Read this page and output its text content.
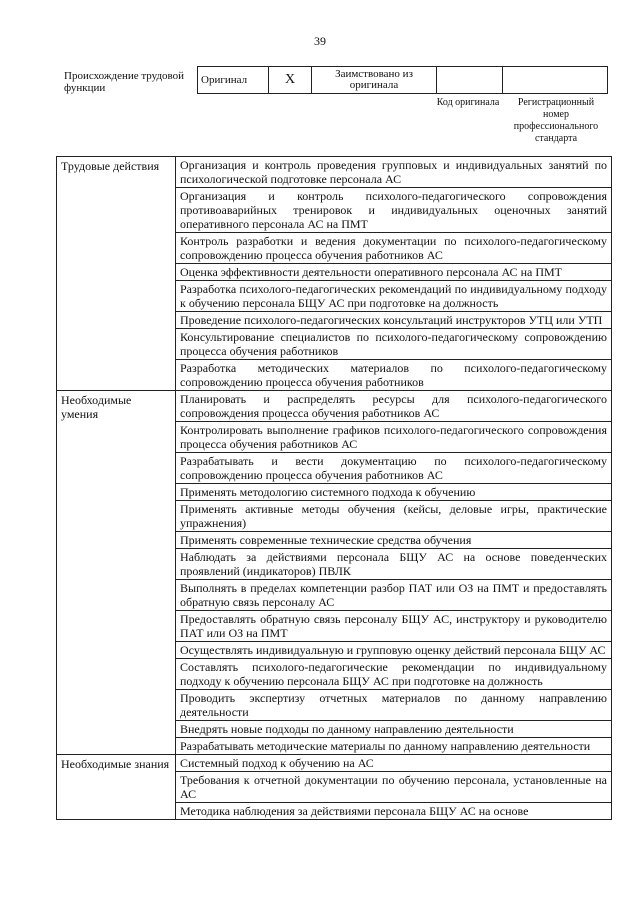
39
Происхождение трудовой функции
Оригинал	X	Заимствовано из оригинала		
Код оригинала	Регистрационный номер профессионального стандарта
Трудовые действия	Организация и контроль проведения групповых и индивидуальных занятий по психологической подготовке персонала АС
	Организация и контроль психолого-педагогического сопровождения противоаварийных тренировок и индивидуальных оценочных занятий оперативного персонала АС на ПМТ
	Контроль разработки и ведения документации по психолого-педагогическому сопровождению процесса обучения работников АС
	Оценка эффективности деятельности оперативного персонала АС на ПМТ
	Разработка психолого-педагогических рекомендаций по индивидуальному подходу к обучению персонала БЩУ АС при подготовке на должность
	Проведение психолого-педагогических консультаций инструкторов УТЦ или УТП
	Консультирование специалистов по психолого-педагогическому сопровождению процесса обучения работников
	Разработка методических материалов по психолого-педагогическому сопровождению процесса обучения работников
Необходимые умения	Планировать и распределять ресурсы для психолого-педагогического сопровождения процесса обучения работников АС
	Контролировать выполнение графиков психолого-педагогического сопровождения процесса обучения работников АС
	Разрабатывать и вести документацию по психолого-педагогическому сопровождению процесса обучения работников АС
	Применять методологию системного подхода к обучению
	Применять активные методы обучения (кейсы, деловые игры, практические упражнения)
	Применять современные технические средства обучения
	Наблюдать за действиями персонала БЩУ АС на основе поведенческих проявлений (индикаторов) ПВЛК
	Выполнять в пределах компетенции разбор ПАТ или ОЗ на ПМТ и предоставлять обратную связь персоналу АС
	Предоставлять обратную связь персоналу БЩУ АС, инструктору и руководителю ПАТ или ОЗ на ПМТ
	Осуществлять индивидуальную и групповую оценку действий персонала БЩУ АС
	Составлять психолого-педагогические рекомендации по индивидуальному подходу к обучению персонала БЩУ АС при подготовке на должность
	Проводить экспертизу отчетных материалов по данному направлению деятельности
	Внедрять новые подходы по данному направлению деятельности
	Разрабатывать методические материалы по данному направлению деятельности
Необходимые знания	Системный подход к обучению на АС
	Требования к отчетной документации по обучению персонала, установленные на АС
	Методика наблюдения за действиями персонала БЩУ АС на основе
